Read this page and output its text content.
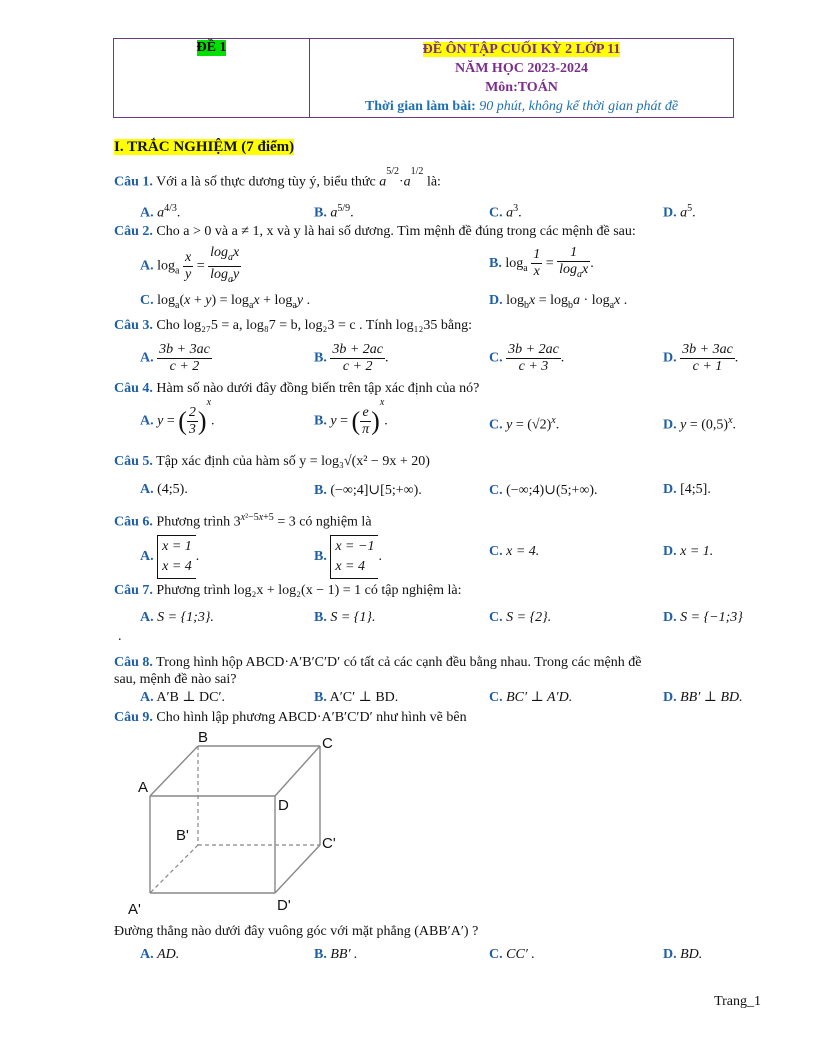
ĐỀ 1	ĐỀ ÔN TẬP CUỐI KỲ 2 LỚP 11
NĂM HỌC 2023-2024
Môn:TOÁN
Thời gian làm bài: 90 phút, không kể thời gian phát đề
I. TRẮC NGHIỆM (7 điểm)
Câu 1. Với a là số thực dương tùy ý, biểu thức $a^{5/2}\cdot a^{1/2}$ là:
A. $a^{4/3}$.	B. $a^{5/9}$.	C. $a^3$.	D. $a^5$.
Câu 2. Cho a > 0 và a ≠ 1, x và y là hai số dương. Tìm mệnh đề đúng trong các mệnh đề sau:
A. $\log_a \frac{x}{y} = \frac{\log_ax}{\log_ay}$	B. $\log_a \frac{1}{x} = \frac{1}{\log_ax}$ .
C. $\log_a(x + y) = \log_ax + \log_ay$ .	D. $\log_bx = \log_ba \cdot \log_ax$ .
Câu 3. Cho log₂₇5 = a, log₈7 = b, log₂3 = c . Tính log₁₂35 bằng:
A. $\frac{3b + 3ac}{c + 2}$	B. $\frac{3b + 2ac}{c + 2}$ .	C. $\frac{3b + 2ac}{c + 3}$ .	D. $\frac{3b + 3ac}{c + 1}$ .
Câu 4. Hàm số nào dưới đây đồng biến trên tập xác định của nó?
A. y = ( $\frac{2}{3} )^x$.	B. y = ( $\frac{e}{\pi} )^x$.	C. $y = (√2)^x$.	D. $y = (0,5)^x$.
Câu 5. Tập xác định của hàm số y = log₃√(x² − 9x + 20)
A. (4;5).	B. (−∞;4]∪[5;+∞).	C. (−∞;4)∪(5;+∞).	D. [4;5].
Câu 6. Phương trình $3^{x^2-5x+5} = 3$ có nghiệm là
A. x = 1
x = 4.	B. x = −1
x = 4.	C. x = 4.	D. x = 1.
Câu 7. Phương trình log₂x + log₂(x − 1) = 1 có tập nghiệm là:
A. S = {1;3}.	B. S = {1}.	C. S = {2}.	D. S = {−1;3}
.
Câu 8. Trong hình hộp ABCD·A′B′C′D′ có tất cả các cạnh đều bằng nhau. Trong các mệnh đề
sau, mệnh đề nào sai?
A. A′B ⊥ DC′.	B. A′C′ ⊥ BD.	C. BC′ ⊥ A′D.	D. BB′ ⊥ BD.
Câu 9. Cho hình lập phương ABCD·A′B′C′D′ như hình vẽ bên
A
B	C
D
A'
B'	C'
D'
Đường thẳng nào dưới đây vuông góc với mặt phẳng (ABB′A′) ?
A. AD.	B. BB′ .	C. CC′ .	D. BD.
Trang_1
